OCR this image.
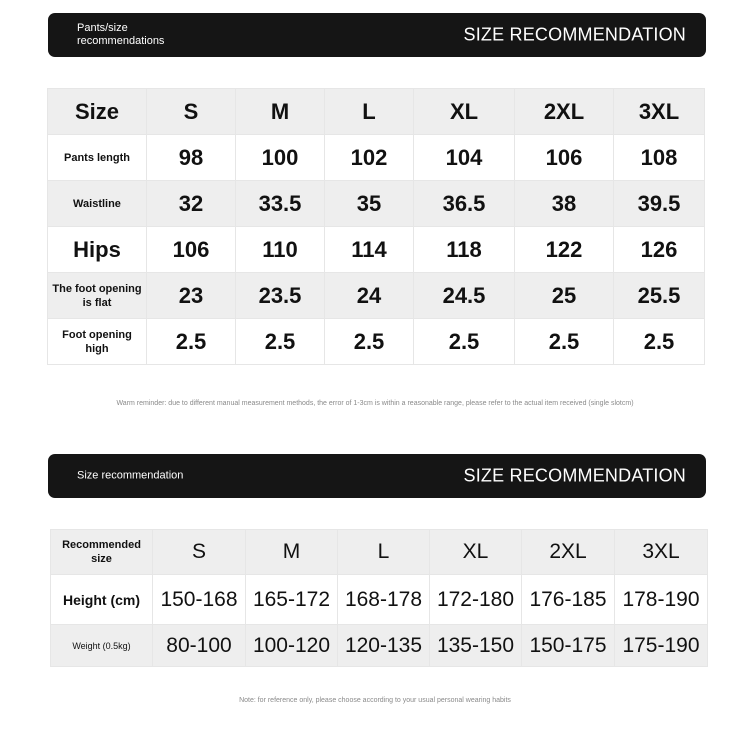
Pants/size recommendations	SIZE RECOMMENDATION
Size	S	M	L	XL	2XL	3XL
Pants length	98	100	102	104	106	108
Waistline	32	33.5	35	36.5	38	39.5
Hips	106	110	114	118	122	126
The foot opening is flat	23	23.5	24	24.5	25	25.5
Foot opening high	2.5	2.5	2.5	2.5	2.5	2.5
Warm reminder: due to different manual measurement methods, the error of 1-3cm is within a reasonable range, please refer to the actual item received (single slotcm)
Size recommendation	SIZE RECOMMENDATION
Recommended size	S	M	L	XL	2XL	3XL
Height (cm)	150-168	165-172	168-178	172-180	176-185	178-190
Weight (0.5kg)	80-100	100-120	120-135	135-150	150-175	175-190
Note: for reference only, please choose according to your usual personal wearing habits
